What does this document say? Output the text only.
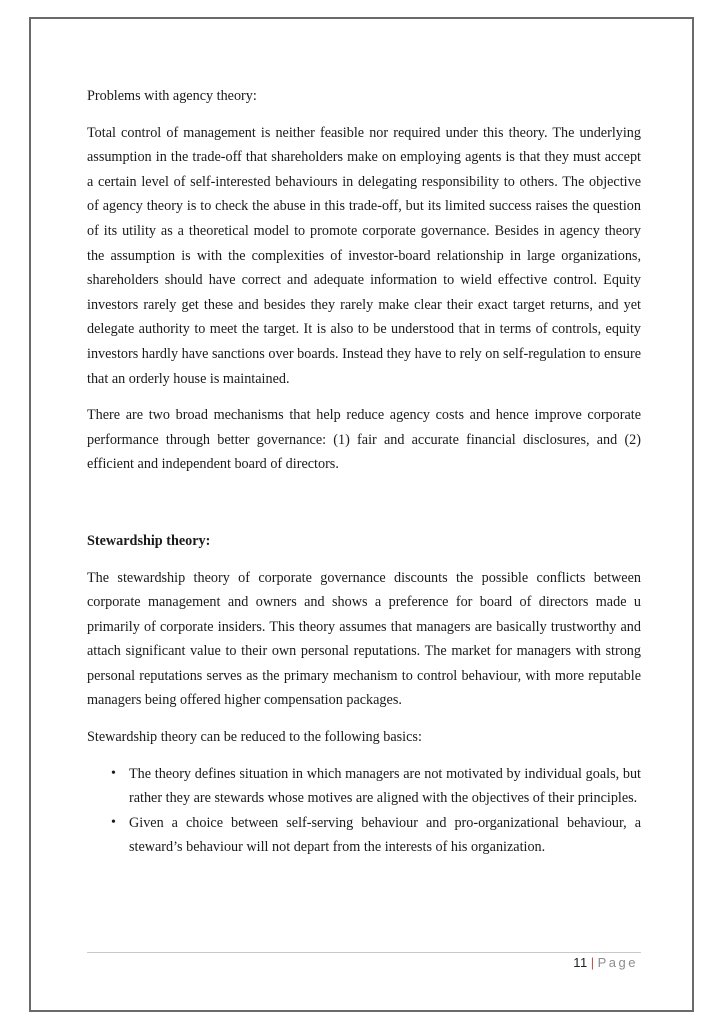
Problems with agency theory:

Total control of management is neither feasible nor required under this theory. The underlying assumption in the trade-off that shareholders make on employing agents is that they must accept a certain level of self-interested behaviours in delegating responsibility to others. The objective of agency theory is to check the abuse in this trade-off, but its limited success raises the question of its utility as a theoretical model to promote corporate governance. Besides in agency theory the assumption is with the complexities of investor-board relationship in large organizations, shareholders should have correct and adequate information to wield effective control. Equity investors rarely get these and besides they rarely make clear their exact target returns, and yet delegate authority to meet the target. It is also to be understood that in terms of controls, equity investors hardly have sanctions over boards. Instead they have to rely on self-regulation to ensure that an orderly house is maintained.

There are two broad mechanisms that help reduce agency costs and hence improve corporate performance through better governance: (1) fair and accurate financial disclosures, and (2) efficient and independent board of directors.

Stewardship theory:

The stewardship theory of corporate governance discounts the possible conflicts between corporate management and owners and shows a preference for board of directors made u primarily of corporate insiders. This theory assumes that managers are basically trustworthy and attach significant value to their own personal reputations. The market for managers with strong personal reputations serves as the primary mechanism to control behaviour, with more reputable managers being offered higher compensation packages.

Stewardship theory can be reduced to the following basics:

• The theory defines situation in which managers are not motivated by individual goals, but rather they are stewards whose motives are aligned with the objectives of their principles.
• Given a choice between self-serving behaviour and pro-organizational behaviour, a steward’s behaviour will not depart from the interests of his organization.
11 | Page
